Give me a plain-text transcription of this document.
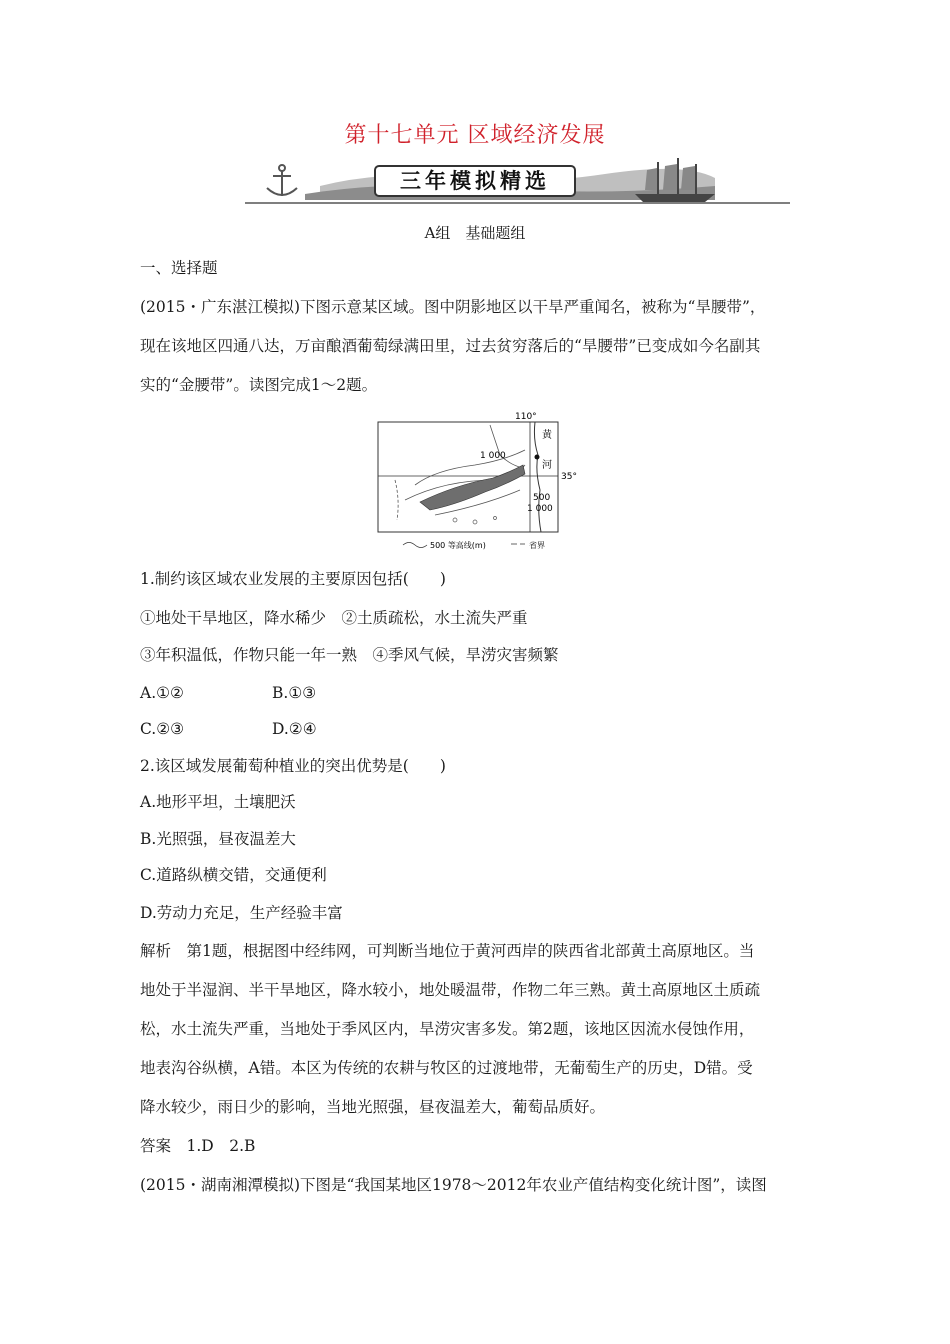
第十七单元 区域经济发展
三年模拟精选
A组　基础题组
一、选择题
(2015・广东湛江模拟)下图示意某区域。图中阴影地区以干旱严重闻名，被称为“旱腰带”，
现在该地区四通八达，万亩酿酒葡萄绿满田里，过去贫穷落后的“旱腰带”已变成如今名副其
实的“金腰带”。读图完成1～2题。
110°
35°
1 000
500
1 000
黄
河
500 等高线(m)	省界
1.制约该区域农业发展的主要原因包括(　　)
①地处干旱地区，降水稀少　②土质疏松，水土流失严重
③年积温低，作物只能一年一熟　④季风气候，旱涝灾害频繁
A.①②	B.①③
C.②③	D.②④
2.该区域发展葡萄种植业的突出优势是(　　)
A.地形平坦，土壤肥沃
B.光照强，昼夜温差大
C.道路纵横交错，交通便利
D.劳动力充足，生产经验丰富
解析　第1题，根据图中经纬网，可判断当地位于黄河西岸的陕西省北部黄土高原地区。当
地处于半湿润、半干旱地区，降水较小，地处暖温带，作物二年三熟。黄土高原地区土质疏
松，水土流失严重，当地处于季风区内，旱涝灾害多发。第2题，该地区因流水侵蚀作用，
地表沟谷纵横，A错。本区为传统的农耕与牧区的过渡地带，无葡萄生产的历史，D错。受
降水较少，雨日少的影响，当地光照强，昼夜温差大，葡萄品质好。
答案　1.D　2.B
(2015・湖南湘潭模拟)下图是“我国某地区1978～2012年农业产值结构变化统计图”，读图
